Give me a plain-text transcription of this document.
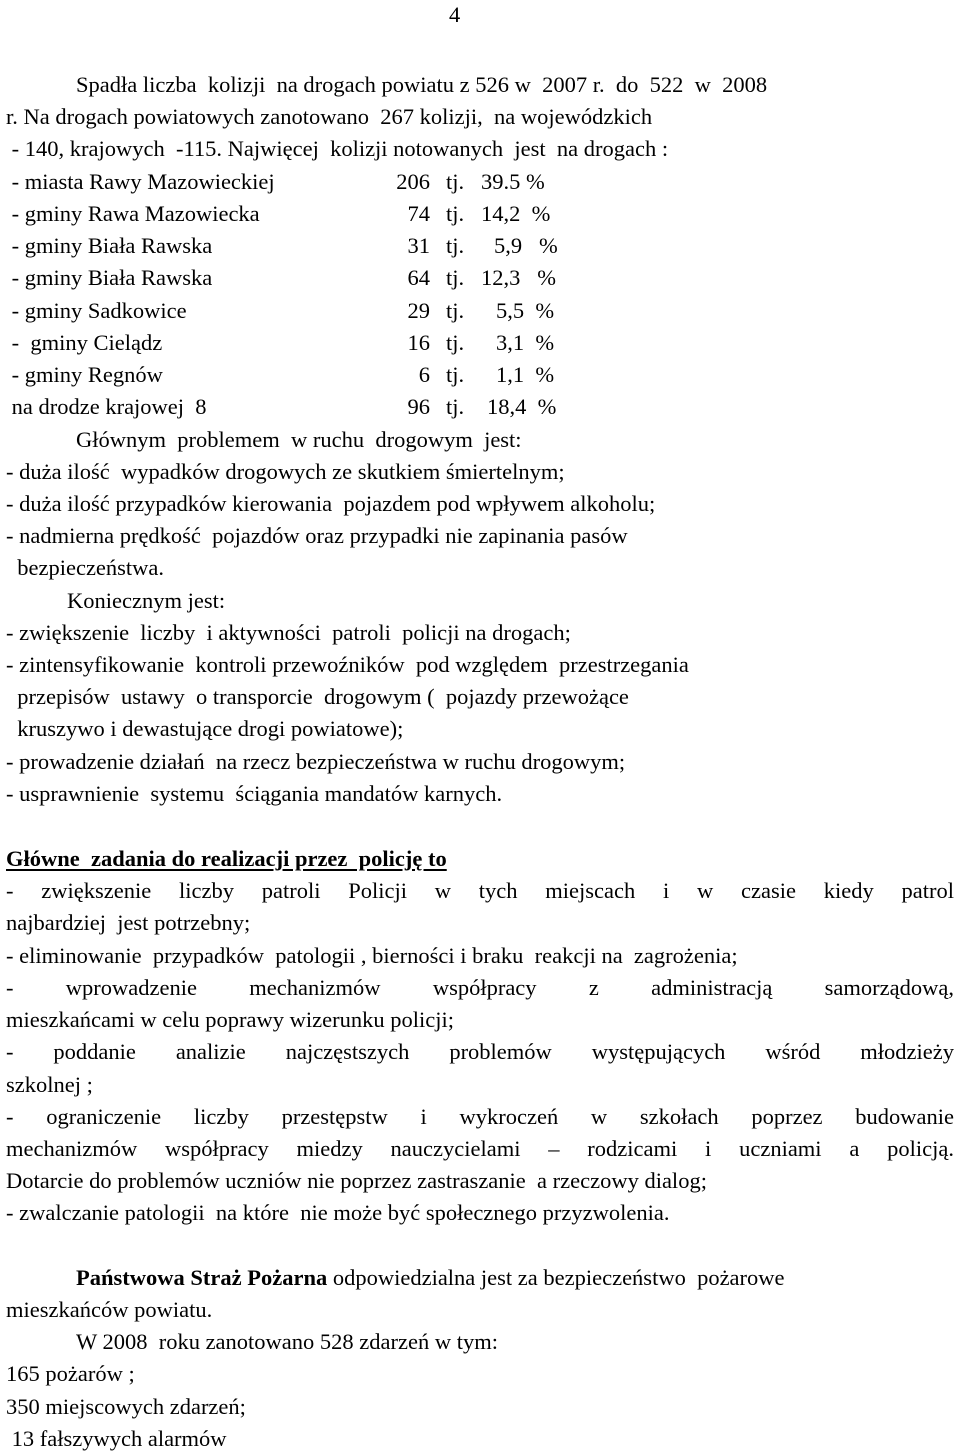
4
Spadła liczba  kolizji  na drogach powiatu z 526 w  2007 r.  do  522  w  2008
r. Na drogach powiatowych zanotowano  267 kolizji,  na wojewódzkich
- 140, krajowych  -115. Najwięcej  kolizji notowanych  jest  na drogach :
- miasta Rawy Mazowieckiej	206 tj. 39.5 %
- gminy Rawa Mazowiecka	74 tj. 14,2  %
- gminy Biała Rawska	31 tj. 5,9   %
- gminy Biała Rawska	64 tj. 12,3   %
- gminy Sadkowice	29 tj. 5,5  %
-  gminy Cielądz	16 tj. 3,1  %
- gminy Regnów	6 tj. 1,1  %
na drodze krajowej  8	96 tj. 18,4  %
Głównym  problemem  w ruchu  drogowym  jest:
- duża ilość  wypadków drogowych ze skutkiem śmiertelnym;
- duża ilość przypadków kierowania  pojazdem pod wpływem alkoholu;
- nadmierna prędkość  pojazdów oraz przypadki nie zapinania pasów
bezpieczeństwa.
Koniecznym jest:
- zwiększenie  liczby  i aktywności  patroli  policji na drogach;
- zintensyfikowanie  kontroli przewoźników  pod względem  przestrzegania
przepisów  ustawy  o transporcie  drogowym (  pojazdy przewożące
kruszywo i dewastujące drogi powiatowe);
- prowadzenie działań  na rzecz bezpieczeństwa w ruchu drogowym;
- usprawnienie  systemu  ściągania mandatów karnych.
Główne  zadania do realizacji przez  policję to
- zwiększenie liczby patroli Policji w tych miejscach i w czasie kiedy patrol
najbardziej  jest potrzebny;
- eliminowanie  przypadków  patologii , bierności i braku  reakcji na  zagrożenia;
- wprowadzenie mechanizmów współpracy z administracją samorządową,
mieszkańcami w celu poprawy wizerunku policji;
- poddanie analizie najczęstszych problemów występujących wśród młodzieży
szkolnej ;
- ograniczenie liczby przestępstw i wykroczeń w szkołach poprzez budowanie
mechanizmów współpracy miedzy nauczycielami – rodzicami i uczniami a policją.
Dotarcie do problemów uczniów nie poprzez zastraszanie  a rzeczowy dialog;
- zwalczanie patologii  na które  nie może być społecznego przyzwolenia.
Państwowa Straż Pożarna odpowiedzialna jest za bezpieczeństwo  pożarowe
mieszkańców powiatu.
W 2008  roku zanotowano 528 zdarzeń w tym:
165 pożarów ;
350 miejscowych zdarzeń;
13 fałszywych alarmów
